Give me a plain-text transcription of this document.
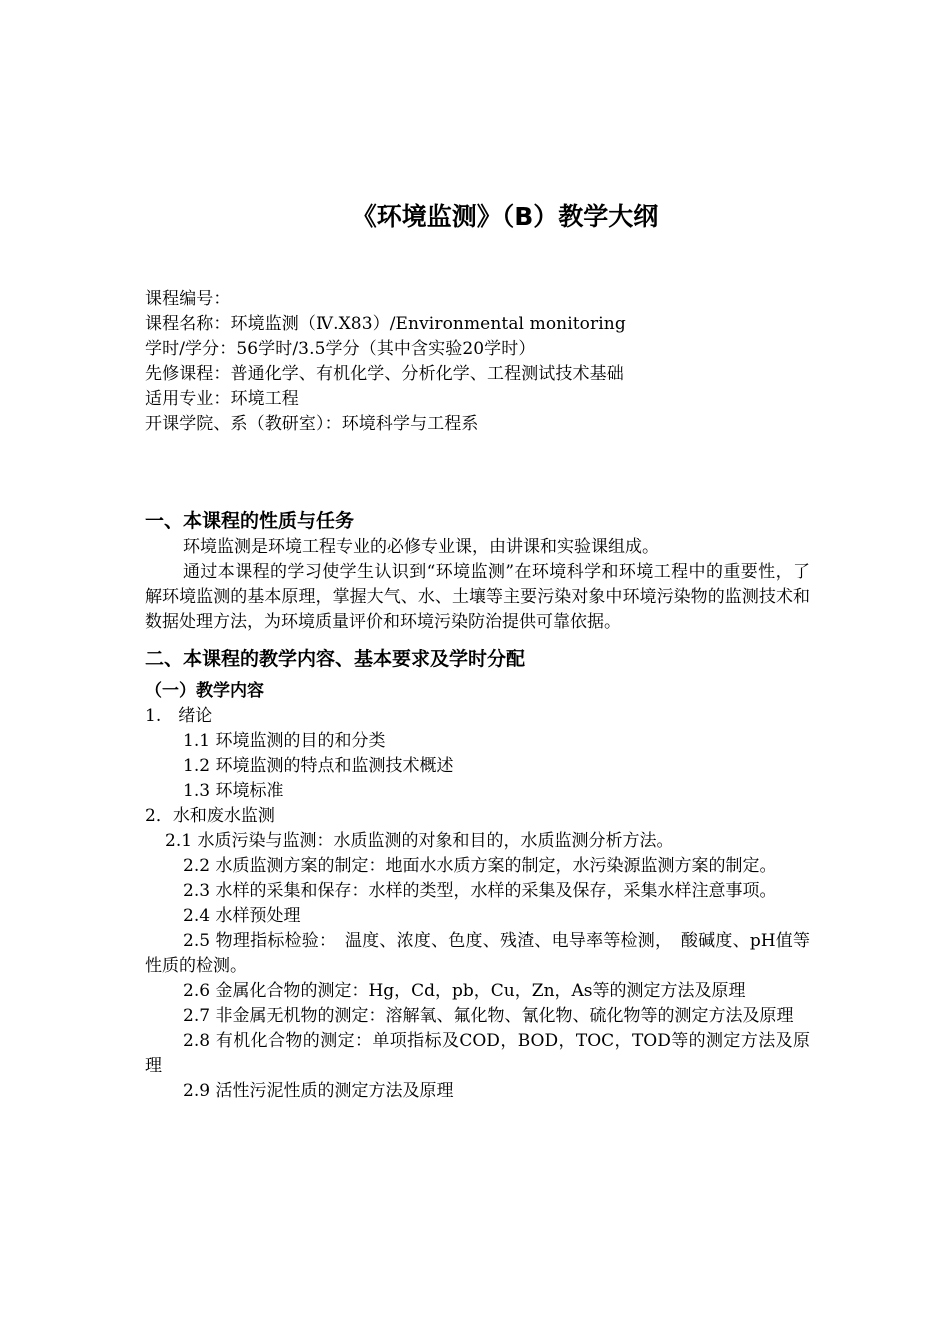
《环境监测》（B）教学大纲
课程编号：
课程名称：环境监测（Ⅳ.X83）/Environmental monitoring
学时/学分：56学时/3.5学分（其中含实验20学时）
先修课程：普通化学、有机化学、分析化学、工程测试技术基础
适用专业：环境工程
开课学院、系（教研室）：环境科学与工程系
一、本课程的性质与任务
环境监测是环境工程专业的必修专业课，由讲课和实验课组成。
通过本课程的学习使学生认识到“环境监测”在环境科学和环境工程中的重要性，了解环境监测的基本原理，掌握大气、水、土壤等主要污染对象中环境污染物的监测技术和数据处理方法，为环境质量评价和环境污染防治提供可靠依据。
二、本课程的教学内容、基本要求及学时分配
（一）教学内容
1.　绪论
1.1 环境监测的目的和分类
1.2 环境监测的特点和监测技术概述
1.3 环境标准
2．水和废水监测
2.1 水质污染与监测：水质监测的对象和目的，水质监测分析方法。
2.2 水质监测方案的制定：地面水水质方案的制定，水污染源监测方案的制定。
2.3 水样的采集和保存：水样的类型，水样的采集及保存，采集水样注意事项。
2.4 水样预处理
2.5 物理指标检验：　温度、浓度、色度、残渣、电导率等检测，　酸碱度、pH值等性质的检测。
2.6 金属化合物的测定：Hg，Cd，pb，Cu，Zn，As等的测定方法及原理
2.7 非金属无机物的测定：溶解氧、氟化物、氰化物、硫化物等的测定方法及原理
2.8 有机化合物的测定：单项指标及COD，BOD，TOC，TOD等的测定方法及原理
2.9 活性污泥性质的测定方法及原理
